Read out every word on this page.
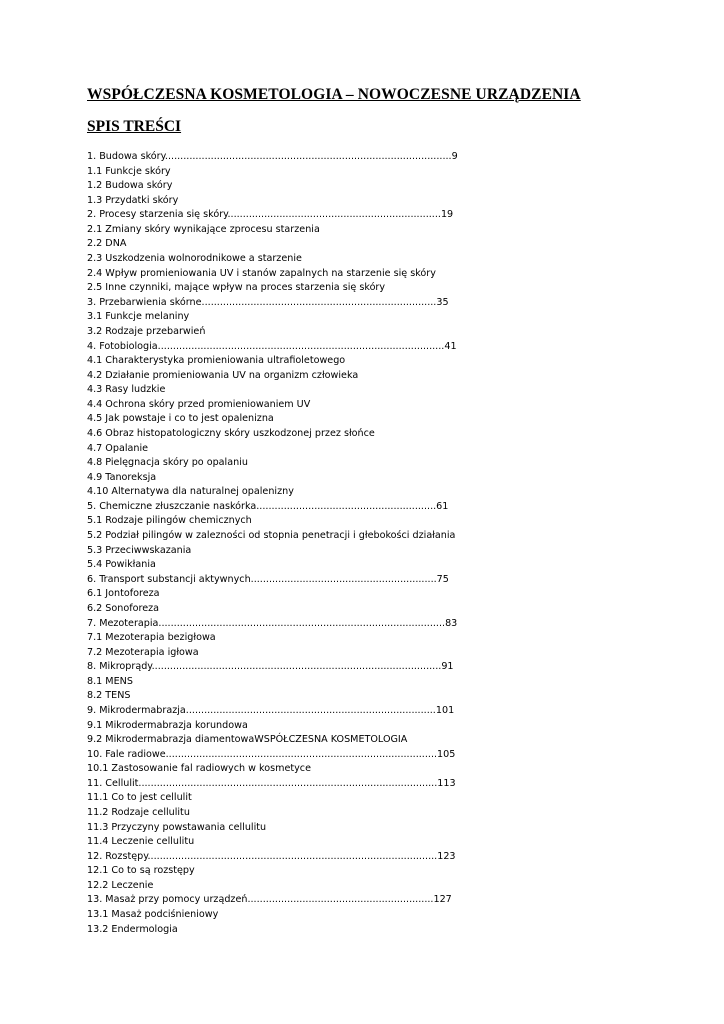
WSPÓŁCZESNA KOSMETOLOGIA – NOWOCZESNE URZĄDZENIA
SPIS TREŚCI
1. Budowa skóry..............................................................................................9
1.1 Funkcje skóry
1.2 Budowa skóry
1.3 Przydatki skóry
2. Procesy starzenia się skóry......................................................................19
2.1 Zmiany skóry wynikające zprocesu starzenia
2.2 DNA
2.3 Uszkodzenia wolnorodnikowe a starzenie
2.4 Wpływ promieniowania UV i stanów zapalnych na starzenie się skóry
2.5 Inne czynniki, mające wpływ na proces starzenia się skóry
3. Przebarwienia skórne.............................................................................35
3.1 Funkcje melaniny
3.2 Rodzaje przebarwień
4. Fotobiologia..............................................................................................41
4.1 Charakterystyka promieniowania ultrafioletowego
4.2 Działanie promieniowania UV na organizm człowieka
4.3 Rasy ludzkie
4.4 Ochrona skóry przed promieniowaniem UV
4.5 Jak powstaje i co to jest opalenizna
4.6 Obraz histopatologiczny skóry uszkodzonej przez słońce
4.7 Opalanie
4.8 Pielęgnacja skóry po opalaniu
4.9 Tanoreksja
4.10 Alternatywa dla naturalnej opalenizny
5. Chemiczne złuszczanie naskórka...........................................................61
5.1 Rodzaje pilingów chemicznych
5.2 Podział pilingów w zalezności od stopnia penetracji i głebokości działania
5.3 Przeciwwskazania
5.4 Powikłania
6. Transport substancji aktywnych.............................................................75
6.1 Jontoforeza
6.2 Sonoforeza
7. Mezoterapia..............................................................................................83
7.1 Mezoterapia bezigłowa
7.2 Mezoterapia igłowa
8. Mikroprądy...............................................................................................91
8.1 MENS
8.2 TENS
9. Mikrodermabrazja..................................................................................101
9.1 Mikrodermabrazja korundowa
9.2 Mikrodermabrazja diamentowaWSPÓŁCZESNA KOSMETOLOGIA
10. Fale radiowe.........................................................................................105
10.1 Zastosowanie fal radiowych w kosmetyce
11. Cellulit..................................................................................................113
11.1 Co to jest cellulit
11.2 Rodzaje cellulitu
11.3 Przyczyny powstawania cellulitu
11.4 Leczenie cellulitu
12. Rozstępy...............................................................................................123
12.1 Co to są rozstępy
12.2 Leczenie
13. Masaż przy pomocy urządzeń.............................................................127
13.1 Masaż podciśnieniowy
13.2 Endermologia
